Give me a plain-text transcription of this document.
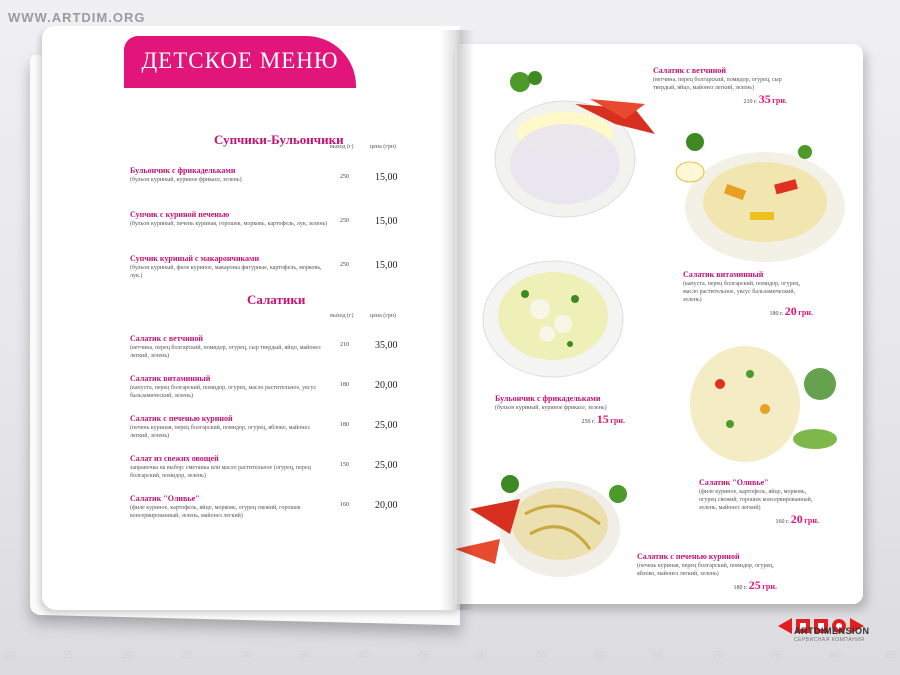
WWW.ARTDIM.ORG
10	15	20	25	30	35	40	45	50	55	60	65	70	75	80	85
ДЕТСКОЕ МЕНЮ
Супчики-Бульончики
выход (г)	цена (грн)
Бульончик с фрикадельками
(бульон куриный, куриное фрикасе, зелень)	250	15,00
Супчик с куриной печенью
(бульон куриный, печень куриная, горошек, морковь, картофель, лук, зелень)	250	15,00
Супчик куриный с макарончиками
(бульон куриный, филе куриное, макароны фигурные, картофель, морковь, лук.)
250	15,00
Салатики
выход (г)	цена (грн)
Салатик с ветчиной
(ветчина, перец болгарский, помидор, огурец, сыр твердый, яйцо, майонез легкий, зелень)
210	35,00
Салатик витаминный
(капуста, перец болгарский, помидор, огурец, масло растительное, уксус бальзамический, зелень)
180	20,00
Салатик с печенью куриной
(печень куриная, перец болгарский, помидор, огурец, яблоко, майонез легкий, зелень)
180	25,00
Салат из свежих овощей
заправочка на выбор: сметанка или масло растительное (огурец, перец болгарский, помидор, зелень)
150	25,00
Салатик "Оливье"
(филе куриное, картофель, яйцо, морковь, огурец свежий, горошек консервированный, зелень, майонез легкий)
160	20,00
Салатик с ветчиной
(ветчина, перец болгарский, помидор, огурец, сыр твердый, яйцо, майонез легкий, зелень)
210 г. 35 грн.
Салатик витаминный
(капуста, перец болгарский, помидор, огурец, масло растительное, уксус бальзамический, зелень)
180 г. 20 грн.
Бульончик с фрикадельками
(бульон куриный, куриное фрикасе, зелень)
250 г. 15 грн.
Салатик "Оливье"
(филе куриное, картофель, яйцо, морковь, огурец свежий, горошек консервированный, зелень, майонез легкий)
160 г. 20 грн.
Салатик с печенью куриной
(печень куриная, перец болгарский, помидор, огурец, яблоко, майонез легкий, зелень)
180 г. 25 грн.
ARTDIMENSION
СЕРВИСНАЯ КОМПАНИЯ
